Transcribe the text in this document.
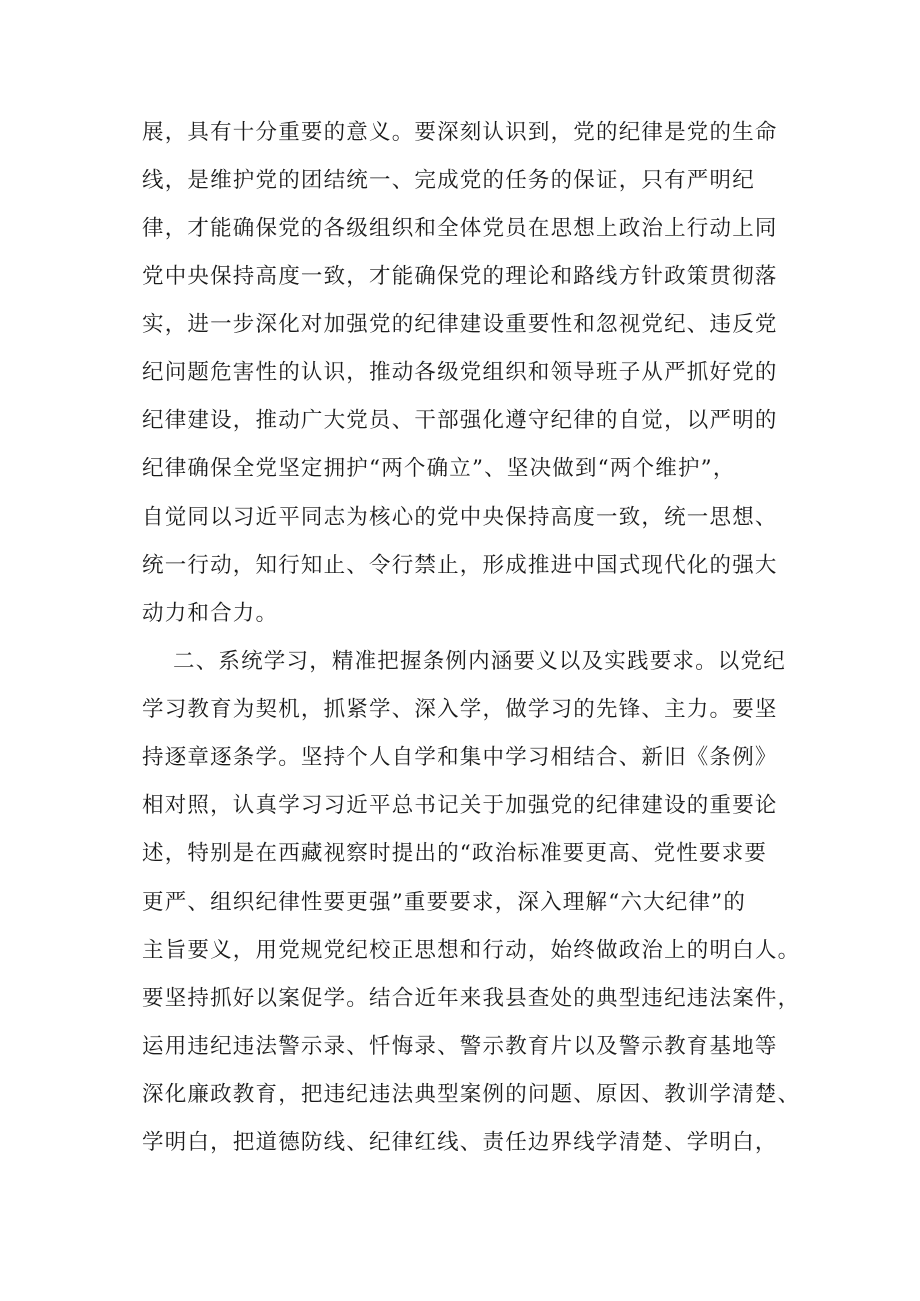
展，具有十分重要的意义。要深刻认识到，党的纪律是党的生命
线，是维护党的团结统一、完成党的任务的保证，只有严明纪
律，才能确保党的各级组织和全体党员在思想上政治上行动上同
党中央保持高度一致，才能确保党的理论和路线方针政策贯彻落
实，进一步深化对加强党的纪律建设重要性和忽视党纪、违反党
纪问题危害性的认识，推动各级党组织和领导班子从严抓好党的
纪律建设，推动广大党员、干部强化遵守纪律的自觉，以严明的
纪律确保全党坚定拥护“两个确立”、坚决做到“两个维护”，
自觉同以习近平同志为核心的党中央保持高度一致，统一思想、
统一行动，知行知止、令行禁止，形成推进中国式现代化的强大
动力和合力。
二、系统学习，精准把握条例内涵要义以及实践要求。以党纪
学习教育为契机，抓紧学、深入学，做学习的先锋、主力。要坚
持逐章逐条学。坚持个人自学和集中学习相结合、新旧《条例》
相对照，认真学习习近平总书记关于加强党的纪律建设的重要论
述，特别是在西藏视察时提出的“政治标准要更高、党性要求要
更严、组织纪律性要更强”重要要求，深入理解“六大纪律”的
主旨要义，用党规党纪校正思想和行动，始终做政治上的明白人。
要坚持抓好以案促学。结合近年来我县查处的典型违纪违法案件，
运用违纪违法警示录、忏悔录、警示教育片以及警示教育基地等
深化廉政教育，把违纪违法典型案例的问题、原因、教训学清楚、
学明白，把道德防线、纪律红线、责任边界线学清楚、学明白，
